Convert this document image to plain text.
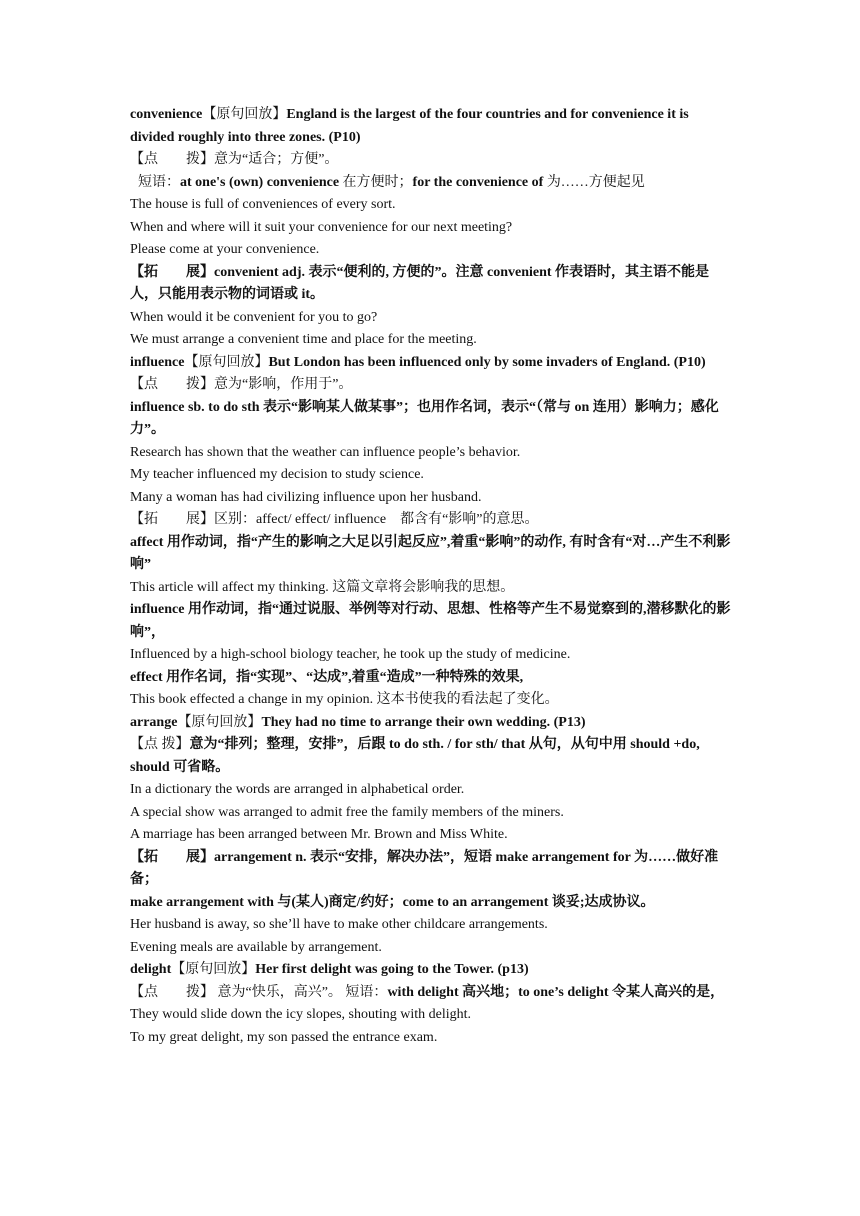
convenience【原句回放】England is the largest of the four countries and for convenience it is divided roughly into three zones. (P10)

【点　　拨】意为“适合；方便”。

短语：at one's (own) convenience 在方便时；for the convenience of 为……方便起见

The house is full of conveniences of every sort.

When and where will it suit your convenience for our next meeting?

Please come at your convenience.

【拓　　展】convenient adj. 表示“便利的, 方便的”。注意 convenient 作表语时，其主语不能是人，只能用表示物的词语或 it。

When would it be convenient for you to go?

We must arrange a convenient time and place for the meeting.

influence【原句回放】But London has been influenced only by some invaders of England. (P10)

【点　　拨】意为“影响，作用于”。

influence sb. to do sth 表示“影响某人做某事”；也用作名词，表示“（常与 on 连用）影响力；感化力”。

Research has shown that the weather can influence people’s behavior.

My teacher influenced my decision to study science.

Many a woman has had civilizing influence upon her husband.

【拓　　展】区别：affect/ effect/ influence　都含有“影响”的意思。

affect 用作动词，指“产生的影响之大足以引起反应”,着重“影响”的动作, 有时含有“对…产生不利影响”

This article will affect my thinking. 这篇文章将会影响我的思想。

influence 用作动词，指“通过说服、举例等对行动、思想、性格等产生不易觉察到的,潜移默化的影响”，

Influenced by a high-school biology teacher, he took up the study of medicine.

effect 用作名词，指“实现”、“达成”,着重“造成”一种特殊的效果,

This book effected a change in my opinion. 这本书使我的看法起了变化。

arrange【原句回放】They had no time to arrange their own wedding. (P13)

【点 拨】意为“排列；整理，安排”，后跟 to do sth. / for sth/ that 从句，从句中用 should +do, should 可省略。

In a dictionary the words are arranged in alphabetical order.

A special show was arranged to admit free the family members of the miners.

A marriage has been arranged between Mr. Brown and Miss White.

【拓　　展】arrangement n. 表示“安排，解决办法”，短语 make arrangement for 为……做好准备；

make arrangement with 与(某人)商定/约好；come to an arrangement 谈妥;达成协议。

Her husband is away, so she’ll have to make other childcare arrangements.

Evening meals are available by arrangement.

delight【原句回放】Her first delight was going to the Tower. (p13)

【点　　拨】 意为“快乐，高兴”。 短语：with delight 高兴地；to one’s delight 令某人高兴的是，

They would slide down the icy slopes, shouting with delight.

To my great delight, my son passed the entrance exam.
